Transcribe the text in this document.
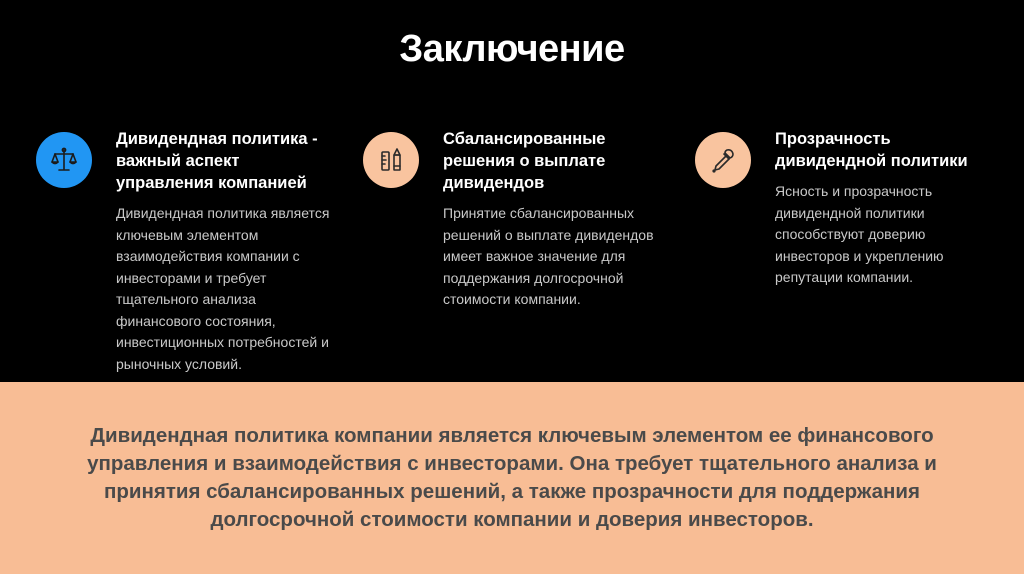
Заключение

Дивидендная политика - важный аспект управления компанией

Дивидендная политика является ключевым элементом взаимодействия компании с инвесторами и требует тщательного анализа финансового состояния, инвестиционных потребностей и рыночных условий.

Сбалансированные решения о выплате дивидендов

Принятие сбалансированных решений о выплате дивидендов имеет важное значение для поддержания долгосрочной стоимости компании.

Прозрачность дивидендной политики

Ясность и прозрачность дивидендной политики способствуют доверию инвесторов и укреплению репутации компании.

Дивидендная политика компании является ключевым элементом ее финансового управления и взаимодействия с инвесторами. Она требует тщательного анализа и принятия сбалансированных решений, а также прозрачности для поддержания долгосрочной стоимости компании и доверия инвесторов.
